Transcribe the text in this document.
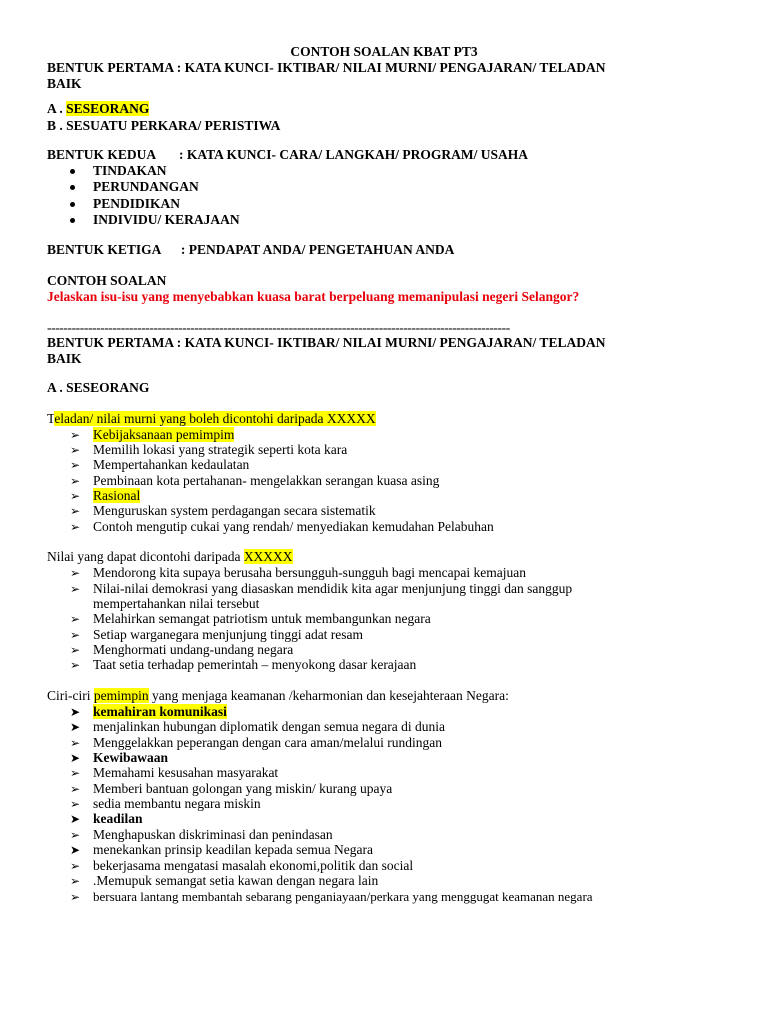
CONTOH SOALAN KBAT PT3
BENTUK PERTAMA : KATA KUNCI- IKTIBAR/ NILAI MURNI/ PENGAJARAN/ TELADAN
BAIK
A . SESEORANG
B . SESUATU PERKARA/ PERISTIWA
BENTUK KEDUA       : KATA KUNCI- CARA/ LANGKAH/ PROGRAM/ USAHA
TINDAKAN
PERUNDANGAN
PENDIDIKAN
INDIVIDU/ KERAJAAN
BENTUK KETIGA      : PENDAPAT ANDA/ PENGETAHUAN ANDA
CONTOH SOALAN
Jelaskan isu-isu yang menyebabkan kuasa barat berpeluang memanipulasi negeri Selangor?
-----------------------------------------------------------------------------------------------------------------
BENTUK PERTAMA : KATA KUNCI- IKTIBAR/ NILAI MURNI/ PENGAJARAN/ TELADAN
BAIK
A . SESEORANG
Teladan/ nilai murni yang boleh dicontohi daripada XXXXX
➢ Kebijaksanaan pemimpim
➢ Memilih lokasi yang strategik seperti kota kara
➢ Mempertahankan kedaulatan
➢ Pembinaan kota pertahanan- mengelakkan serangan kuasa asing
➢ Rasional
➢ Menguruskan system perdagangan secara sistematik
➢ Contoh mengutip cukai yang rendah/ menyediakan kemudahan Pelabuhan
Nilai yang dapat dicontohi daripada XXXXX
➢ Mendorong kita supaya berusaha bersungguh-sungguh bagi mencapai kemajuan
➢ Nilai-nilai demokrasi yang diasaskan mendidik kita agar menjunjung tinggi dan sanggup
mempertahankan nilai tersebut
➢ Melahirkan semangat patriotism untuk membangunkan negara
➢ Setiap warganegara menjunjung tinggi adat resam
➢ Menghormati undang-undang negara
➢ Taat setia terhadap pemerintah – menyokong dasar kerajaan
Ciri-ciri pemimpin yang menjaga keamanan /keharmonian dan kesejahteraan Negara:
➤ kemahiran komunikasi
➤ menjalinkan hubungan diplomatik dengan semua negara di dunia
➢ Menggelakkan peperangan dengan cara aman/melalui rundingan
➤ Kewibawaan
➢ Memahami kesusahan masyarakat
➢ Memberi bantuan golongan yang miskin/ kurang upaya
➢ sedia membantu negara miskin
➤ keadilan
➢ Menghapuskan diskriminasi dan penindasan
➤ menekankan prinsip keadilan kepada semua Negara
➢ bekerjasama mengatasi masalah ekonomi,politik dan social
➢ .Memupuk semangat setia kawan dengan negara lain
➢ bersuara lantang membantah sebarang penganiayaan/perkara yang menggugat keamanan negara
